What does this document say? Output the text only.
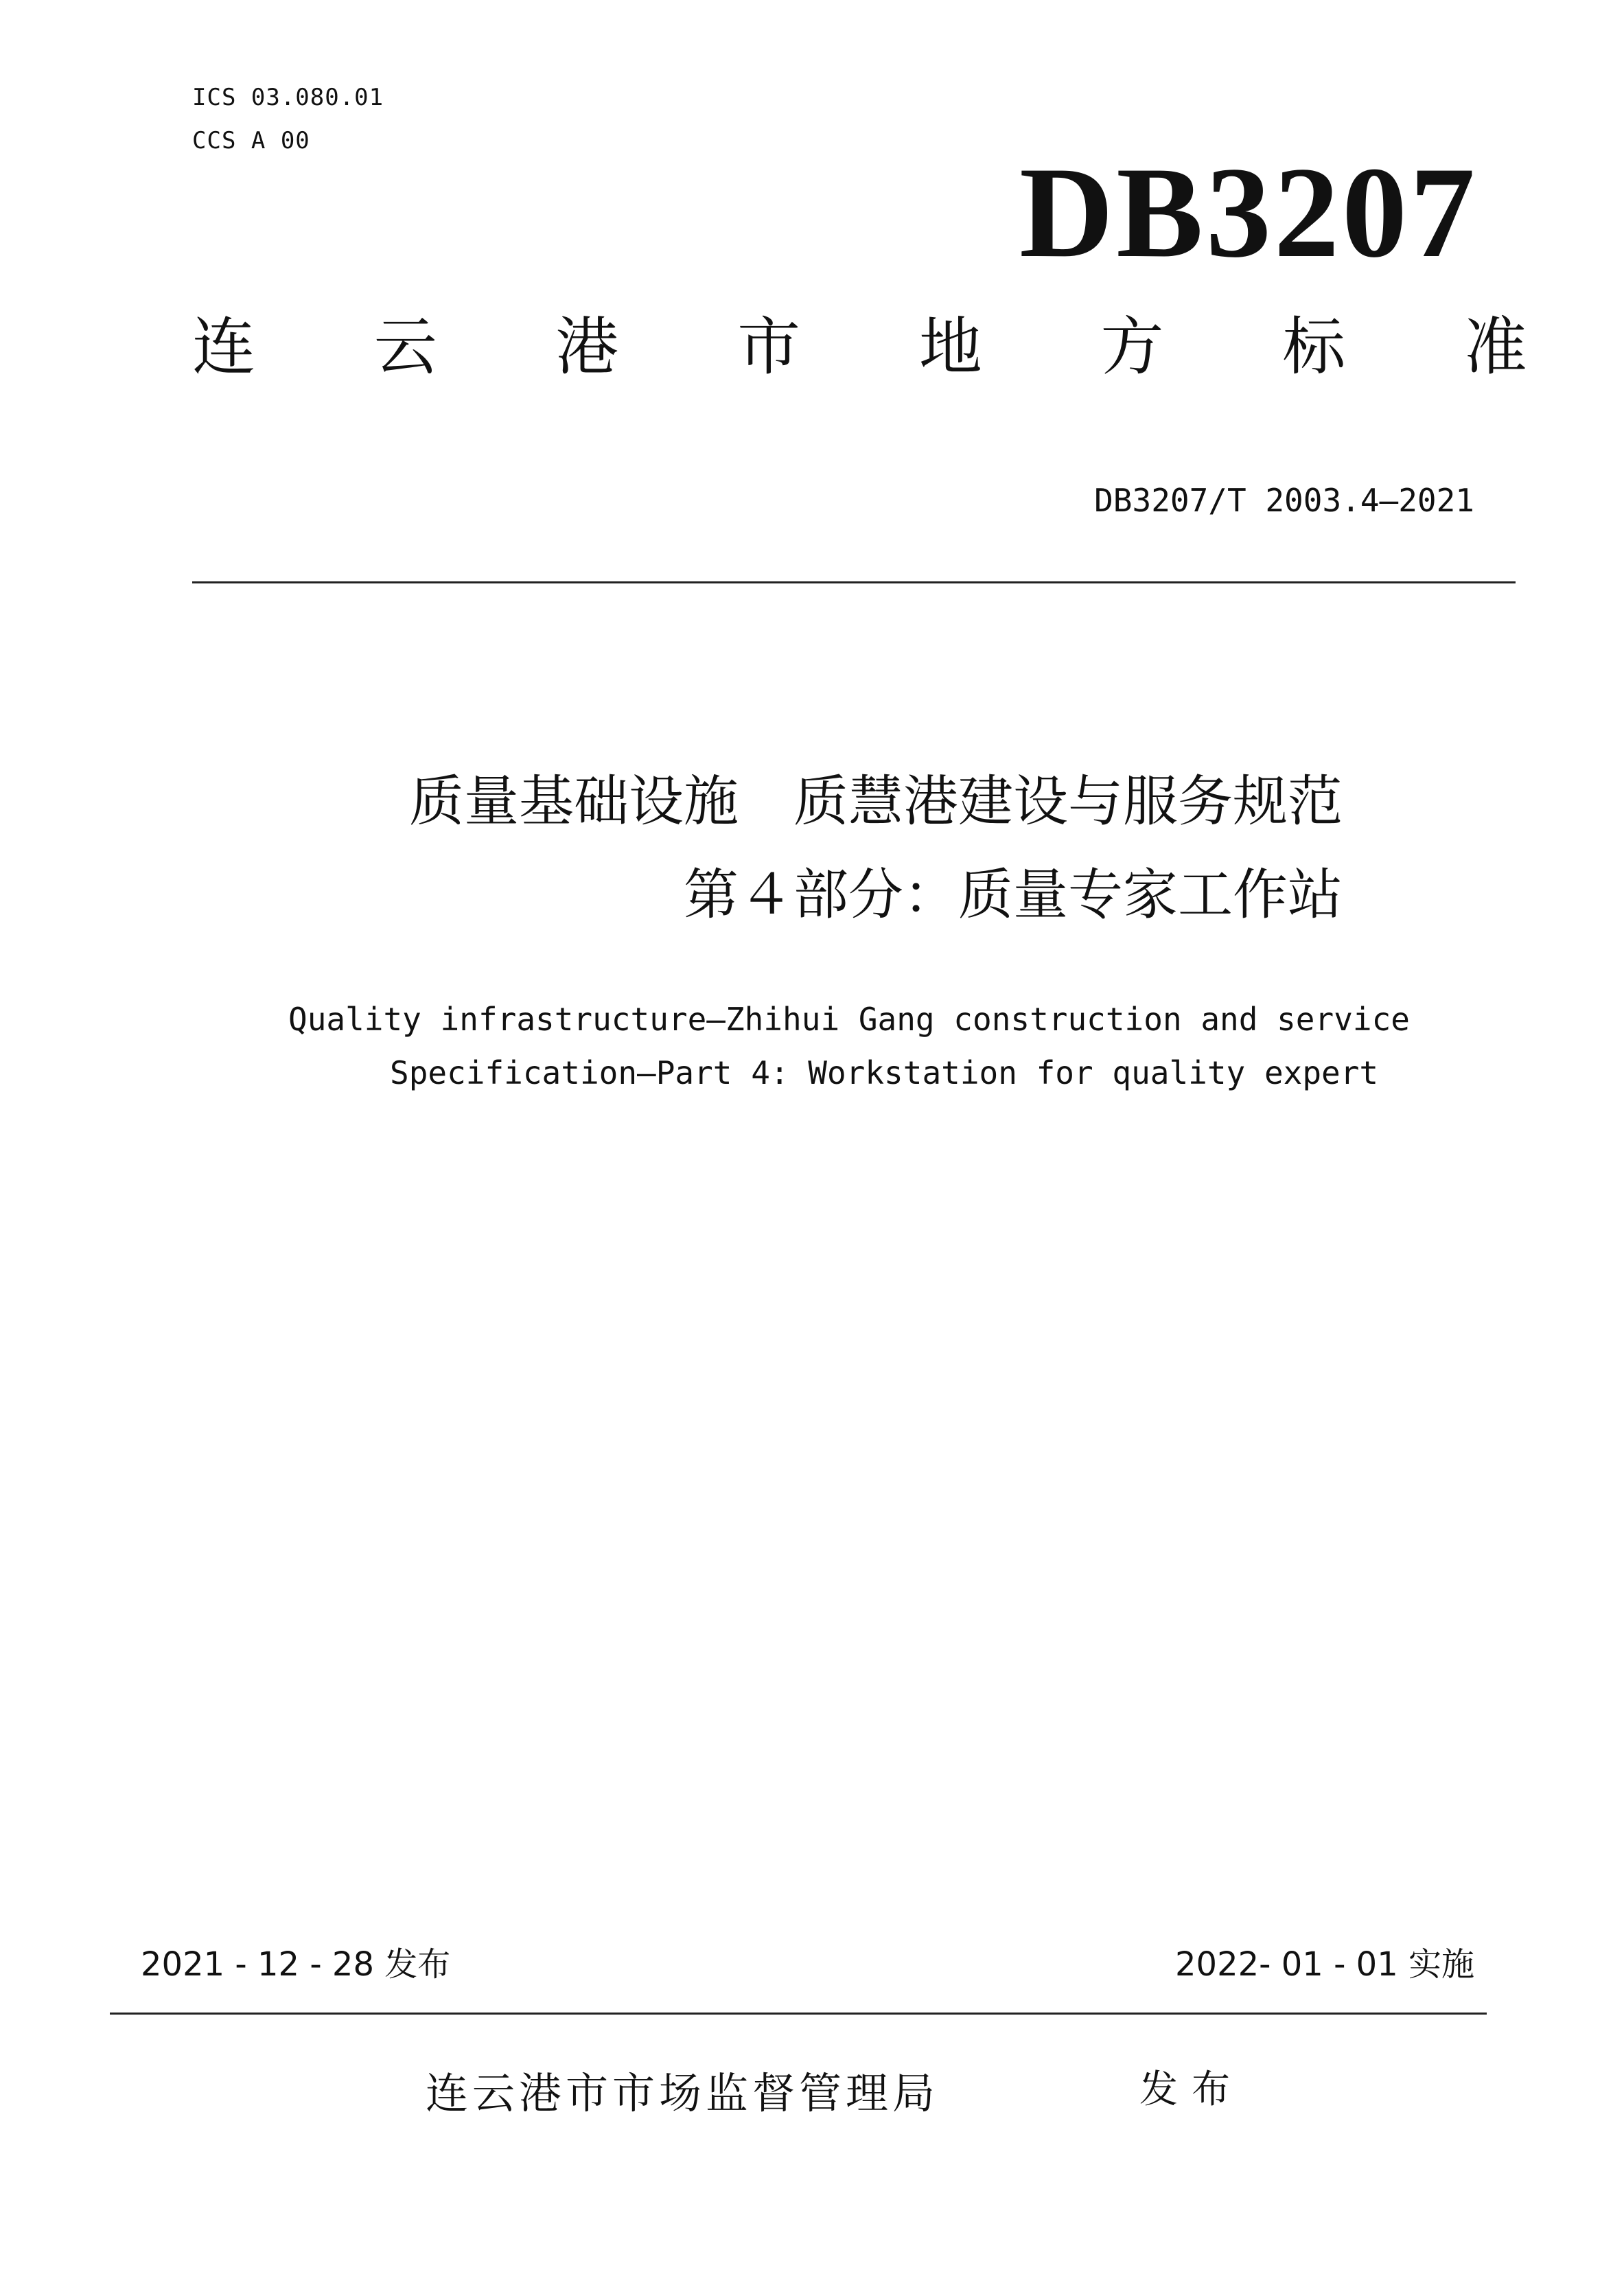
ICS 03.080.01
CCS A 00	DB3207
连 云 港 市 地 方 标 准
DB3207/T 2003.4—2021
质量基础设施　质慧港建设与服务规范
第４部分：质量专家工作站
Quality infrastructure—Zhihui Gang construction and service
Specification—Part 4: Workstation for quality expert
2021 - 12 - 28 发布	2022- 01 - 01 实施
连云港市市场监督管理局	发布
